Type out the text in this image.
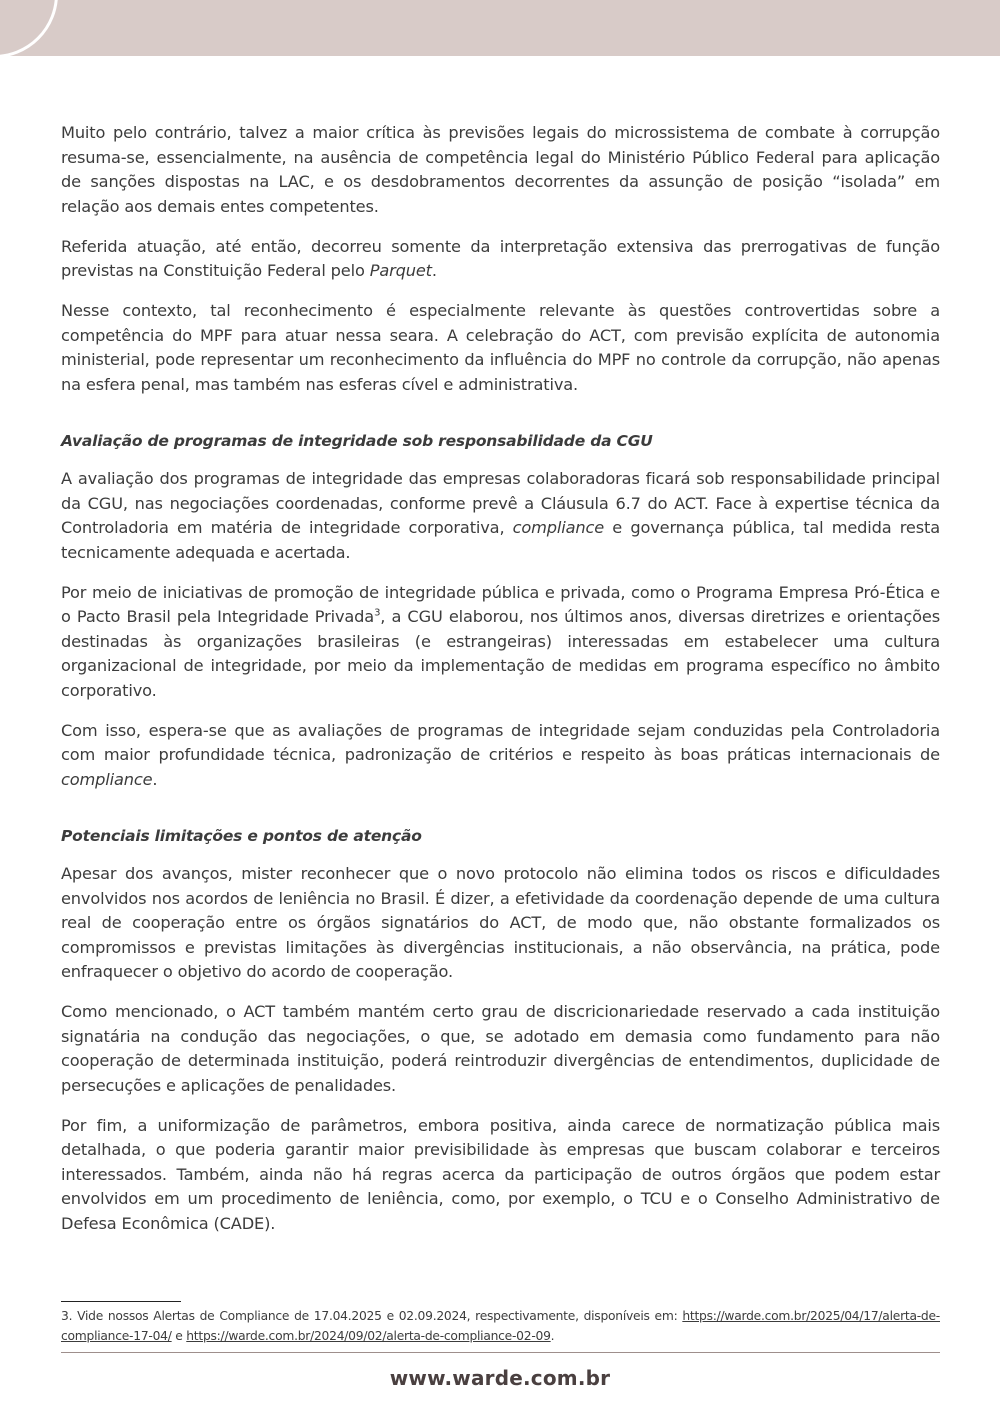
Muito pelo contrário, talvez a maior crítica às previsões legais do microssistema de combate à corrupção resuma-se, essencialmente, na ausência de competência legal do Ministério Público Federal para aplicação de sanções dispostas na LAC, e os desdobramentos decorrentes da assunção de posição “isolada” em relação aos demais entes competentes.

Referida atuação, até então, decorreu somente da interpretação extensiva das prerrogativas de função previstas na Constituição Federal pelo Parquet.

Nesse contexto, tal reconhecimento é especialmente relevante às questões controvertidas sobre a competência do MPF para atuar nessa seara. A celebração do ACT, com previsão explícita de autonomia ministerial, pode representar um reconhecimento da influência do MPF no controle da corrupção, não apenas na esfera penal, mas também nas esferas cível e administrativa.

Avaliação de programas de integridade sob responsabilidade da CGU

A avaliação dos programas de integridade das empresas colaboradoras ficará sob responsabilidade principal da CGU, nas negociações coordenadas, conforme prevê a Cláusula 6.7 do ACT. Face à expertise técnica da Controladoria em matéria de integridade corporativa, compliance e governança pública, tal medida resta tecnicamente adequada e acertada.

Por meio de iniciativas de promoção de integridade pública e privada, como o Programa Empresa Pró-Ética e o Pacto Brasil pela Integridade Privada$^3$, a CGU elaborou, nos últimos anos, diversas diretrizes e orientações destinadas às organizações brasileiras (e estrangeiras) interessadas em estabelecer uma cultura organizacional de integridade, por meio da implementação de medidas em programa específico no âmbito corporativo.

Com isso, espera-se que as avaliações de programas de integridade sejam conduzidas pela Controladoria com maior profundidade técnica, padronização de critérios e respeito às boas práticas internacionais de compliance.

Potenciais limitações e pontos de atenção

Apesar dos avanços, mister reconhecer que o novo protocolo não elimina todos os riscos e dificuldades envolvidos nos acordos de leniência no Brasil. É dizer, a efetividade da coordenação depende de uma cultura real de cooperação entre os órgãos signatários do ACT, de modo que, não obstante formalizados os compromissos e previstas limitações às divergências institucionais, a não observância, na prática, pode enfraquecer o objetivo do acordo de cooperação.

Como mencionado, o ACT também mantém certo grau de discricionariedade reservado a cada instituição signatária na condução das negociações, o que, se adotado em demasia como fundamento para não cooperação de determinada instituição, poderá reintroduzir divergências de entendimentos, duplicidade de persecuções e aplicações de penalidades.

Por fim, a uniformização de parâmetros, embora positiva, ainda carece de normatização pública mais detalhada, o que poderia garantir maior previsibilidade às empresas que buscam colaborar e terceiros interessados. Também, ainda não há regras acerca da participação de outros órgãos que podem estar envolvidos em um procedimento de leniência, como, por exemplo, o TCU e o Conselho Administrativo de Defesa Econômica (CADE).

3. Vide nossos Alertas de Compliance de 17.04.2025 e 02.09.2024, respectivamente, disponíveis em: https://warde.com.br/2025/04/17/alerta-de-compliance-17-04/ e https://warde.com.br/2024/09/02/alerta-de-compliance-02-09.
www.warde.com.br
